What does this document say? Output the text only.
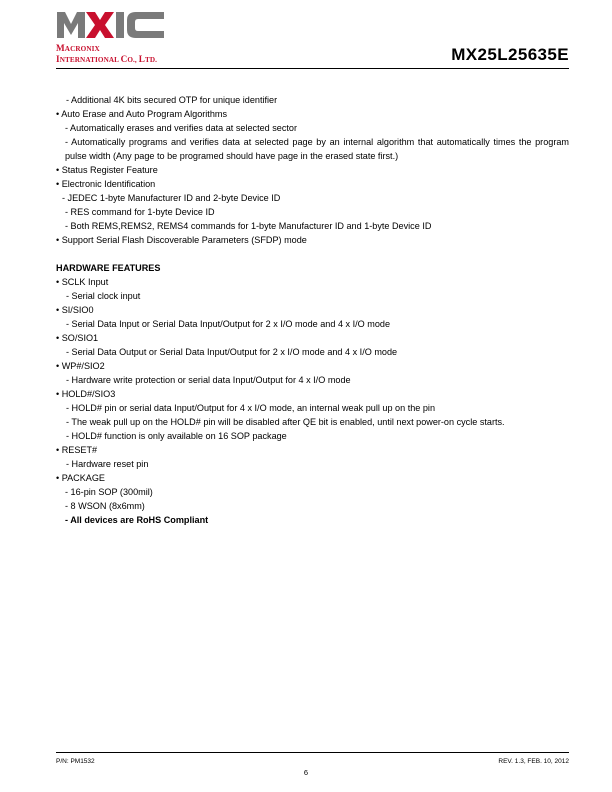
MACRONIX
INTERNATIONAL CO., LTD.	MX25L25635E
- Additional 4K bits secured OTP for unique identifier
• Auto Erase and Auto Program Algorithms
- Automatically erases and verifies data at selected sector
- Automatically programs and verifies data at selected page by an internal algorithm that automatically times the program pulse width (Any page to be programed should have page in the erased state first.)
• Status Register Feature
• Electronic Identification
- JEDEC 1-byte Manufacturer ID and 2-byte Device ID
- RES command for 1-byte Device ID
- Both REMS,REMS2, REMS4 commands for 1-byte Manufacturer ID and 1-byte Device ID
• Support Serial Flash Discoverable Parameters (SFDP) mode
HARDWARE FEATURES
• SCLK Input
- Serial clock input
• SI/SIO0
- Serial Data Input or Serial Data Input/Output for 2 x I/O mode and 4 x I/O mode
• SO/SIO1
- Serial Data Output or Serial Data Input/Output for 2 x I/O mode and 4 x I/O mode
• WP#/SIO2
- Hardware write protection or serial data Input/Output for 4 x I/O mode
• HOLD#/SIO3
- HOLD# pin or serial data Input/Output for 4 x I/O mode, an internal weak pull up on the pin
- The weak pull up on the HOLD# pin will be disabled after QE bit is enabled, until next power-on cycle starts.
- HOLD# function is only available on 16 SOP package
• RESET#
- Hardware reset pin
• PACKAGE
- 16-pin SOP (300mil)
- 8 WSON (8x6mm)
- All devices are RoHS Compliant
P/N: PM1532	REV. 1.3, FEB. 10, 2012
6
